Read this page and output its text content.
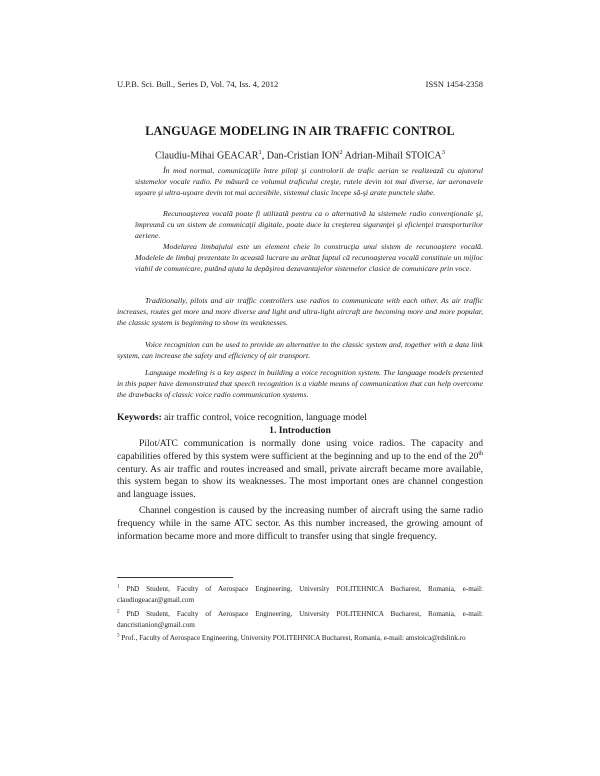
U.P.B. Sci. Bull., Series D, Vol. 74, Iss. 4, 2012	ISSN 1454-2358
LANGUAGE MODELING IN AIR TRAFFIC CONTROL
Claudiu-Mihai GEACAR$^1$, Dan-Cristian ION$^2$ Adrian-Mihail STOICA$^3$

În mod normal, comunicaţiile între piloţi şi controlorii de trafic aerian se realizează cu ajutorul sistemelor vocale radio. Pe măsură ce volumul traficului creşte, rutele devin tot mai diverse, iar aeronavele uşoare şi ultra-uşoare devin tot mai accesibile, sistemul clasic începe să-şi arate punctele slabe.

Recunoaşterea vocală poate fi utilizată pentru ca o alternativă la sistemele radio convenţionale şi, împreună cu un sistem de comunicaţii digitale, poate duce la creşterea siguranţei şi eficienţei transporturilor aeriene.

Modelarea limbajului este un element cheie în construcţia unui sistem de recunoaştere vocală. Modelele de limbaj prezentate în această lucrare au arătat faptul că recunoaşterea vocală constituie un mijloc viabil de comunicare, putând ajuta la depăşirea dezavantajelor sistemelor clasice de comunicare prin voce.

Traditionally, pilots and air traffic controllers use radios to communicate with each other. As air traffic increases, routes get more and more diverse and light and ultra-light aircraft are becoming more and more popular, the classic system is beginning to show its weaknesses.

Voice recognition can be used to provide an alternative to the classic system and, together with a data link system, can increase the safety and efficiency of air transport.

Language modeling is a key aspect in building a voice recognition system. The language models presented in this paper have demonstrated that speech recognition is a viable means of communication that can help overcome the drawbacks of classic voice radio communication systems.

Keywords: air traffic control, voice recognition, language model
1. Introduction

Pilot/ATC communication is normally done using voice radios. The capacity and capabilities offered by this system were sufficient at the beginning and up to the end of the 20th century. As air traffic and routes increased and small, private aircraft became more available, this system began to show its weaknesses. The most important ones are channel congestion and language issues.

Channel congestion is caused by the increasing number of aircraft using the same radio frequency while in the same ATC sector. As this number increased, the growing amount of information became more and more difficult to transfer using that single frequency.

$^1$ PhD Student, Faculty of Aerospace Engineering, University POLITEHNICA Bucharest, Romania, e-mail: claudiugeacar@gmail.com

$^2$ PhD Student, Faculty of Aerospace Engineering, University POLITEHNICA Bucharest, Romania, e-mail: dancristianion@gmail.com

$^3$ Prof., Faculty of Aerospace Engineering, University POLITEHNICA Bucharest, Romania, e-mail: amstoica@rdslink.ro
